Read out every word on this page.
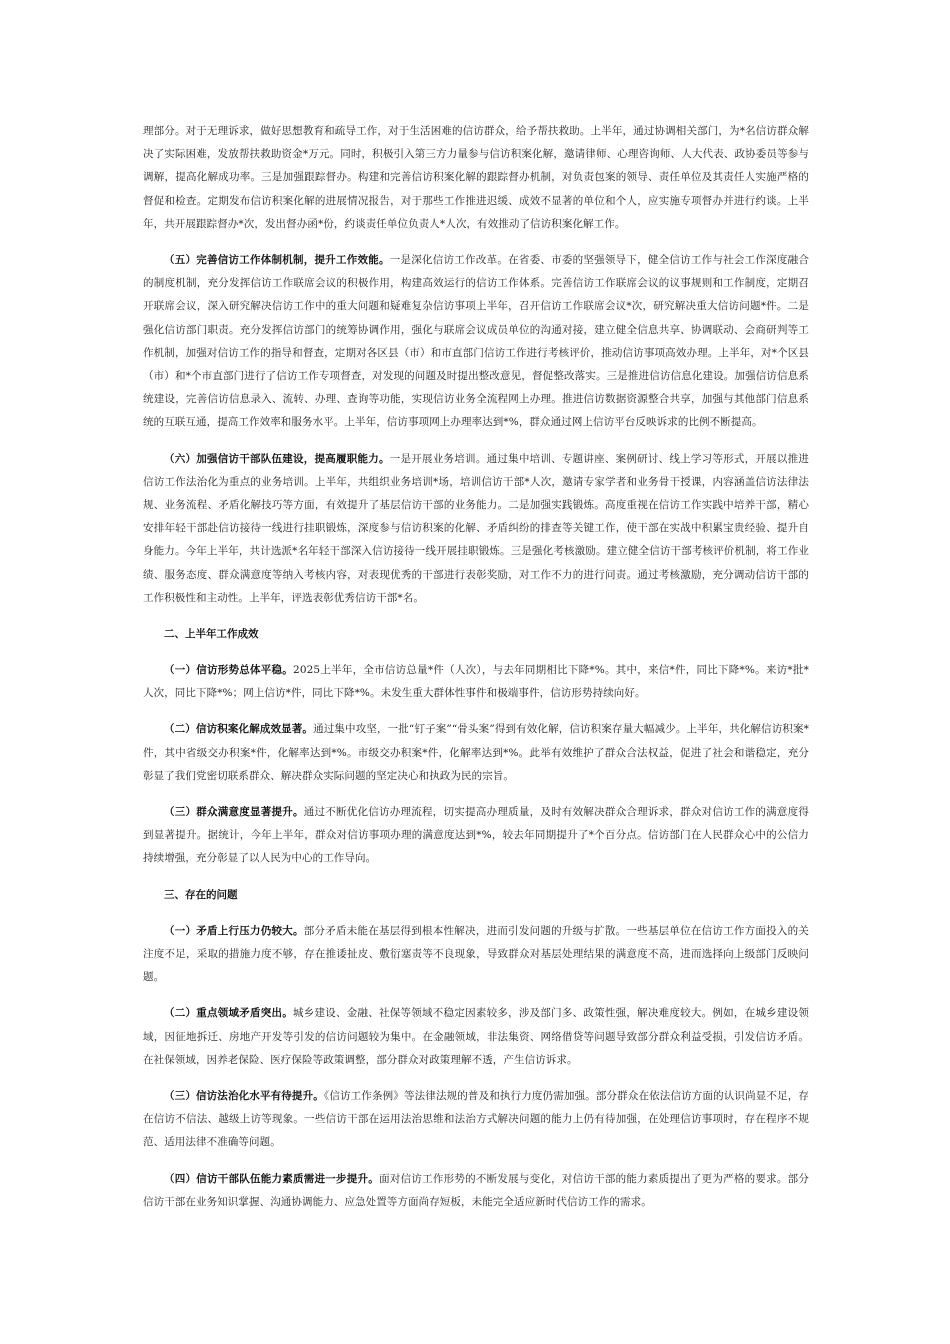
理部分。对于无理诉求，做好思想教育和疏导工作，对于生活困难的信访群众，给予帮扶救助。上半年，通过协调相关部门，为*名信访群众解决了实际困难，发放帮扶救助资金*万元。同时，积极引入第三方力量参与信访积案化解，邀请律师、心理咨询师、人大代表、政协委员等参与调解，提高化解成功率。三是加强跟踪督办。构建和完善信访积案化解的跟踪督办机制，对负责包案的领导、责任单位及其责任人实施严格的督促和检查。定期发布信访积案化解的进展情况报告，对于那些工作推进迟缓、成效不显著的单位和个人，应实施专项督办并进行约谈。上半年，共开展跟踪督办*次，发出督办函*份，约谈责任单位负责人*人次，有效推动了信访积案化解工作。

（五）完善信访工作体制机制，提升工作效能。一是深化信访工作改革。在省委、市委的坚强领导下，健全信访工作与社会工作深度融合的制度机制，充分发挥信访工作联席会议的积极作用，构建高效运行的信访工作体系。完善信访工作联席会议的议事规则和工作制度，定期召开联席会议，深入研究解决信访工作中的重大问题和疑难复杂信访事项上半年，召开信访工作联席会议*次，研究解决重大信访问题*件。二是强化信访部门职责。充分发挥信访部门的统筹协调作用，强化与联席会议成员单位的沟通对接，建立健全信息共享、协调联动、会商研判等工作机制，加强对信访工作的指导和督查，定期对各区县（市）和市直部门信访工作进行考核评价，推动信访事项高效办理。上半年，对*个区县（市）和*个市直部门进行了信访工作专项督查，对发现的问题及时提出整改意见，督促整改落实。三是推进信访信息化建设。加强信访信息系统建设，完善信访信息录入、流转、办理、查询等功能，实现信访业务全流程网上办理。推进信访数据资源整合共享，加强与其他部门信息系统的互联互通，提高工作效率和服务水平。上半年，信访事项网上办理率达到*%，群众通过网上信访平台反映诉求的比例不断提高。

（六）加强信访干部队伍建设，提高履职能力。一是开展业务培训。通过集中培训、专题讲座、案例研讨、线上学习等形式，开展以推进信访工作法治化为重点的业务培训。上半年，共组织业务培训*场，培训信访干部*人次，邀请专家学者和业务骨干授课，内容涵盖信访法律法规、业务流程、矛盾化解技巧等方面，有效提升了基层信访干部的业务能力。二是加强实践锻炼。高度重视在信访工作实践中培养干部，精心安排年轻干部赴信访接待一线进行挂职锻炼，深度参与信访积案的化解、矛盾纠纷的排查等关键工作，使干部在实战中积累宝贵经验、提升自身能力。今年上半年，共计选派*名年轻干部深入信访接待一线开展挂职锻炼。三是强化考核激励。建立健全信访干部考核评价机制，将工作业绩、服务态度、群众满意度等纳入考核内容，对表现优秀的干部进行表彰奖励，对工作不力的进行问责。通过考核激励，充分调动信访干部的工作积极性和主动性。上半年，评选表彰优秀信访干部*名。

二、上半年工作成效

（一）信访形势总体平稳。2025上半年，全市信访总量*件（人次），与去年同期相比下降*%。其中，来信*件，同比下降*%。来访*批*人次，同比下降*%；网上信访*件，同比下降*%。未发生重大群体性事件和极端事件，信访形势持续向好。

（二）信访积案化解成效显著。通过集中攻坚，一批“钉子案”“骨头案”得到有效化解，信访积案存量大幅减少。上半年，共化解信访积案*件，其中省级交办积案*件，化解率达到*%。市级交办积案*件，化解率达到*%。此举有效维护了群众合法权益，促进了社会和谐稳定，充分彰显了我们党密切联系群众、解决群众实际问题的坚定决心和执政为民的宗旨。

（三）群众满意度显著提升。通过不断优化信访办理流程，切实提高办理质量，及时有效解决群众合理诉求，群众对信访工作的满意度得到显著提升。据统计，今年上半年，群众对信访事项办理的满意度达到*%，较去年同期提升了*个百分点。信访部门在人民群众心中的公信力持续增强，充分彰显了以人民为中心的工作导向。

三、存在的问题

（一）矛盾上行压力仍较大。部分矛盾未能在基层得到根本性解决，进而引发问题的升级与扩散。一些基层单位在信访工作方面投入的关注度不足，采取的措施力度不够，存在推诿扯皮、敷衍塞责等不良现象，导致群众对基层处理结果的满意度不高，进而选择向上级部门反映问题。

（二）重点领域矛盾突出。城乡建设、金融、社保等领域不稳定因素较多，涉及部门多、政策性强，解决难度较大。例如，在城乡建设领域，因征地拆迁、房地产开发等引发的信访问题较为集中。在金融领域，非法集资、网络借贷等问题导致部分群众利益受损，引发信访矛盾。在社保领域，因养老保险、医疗保险等政策调整，部分群众对政策理解不透，产生信访诉求。

（三）信访法治化水平有待提升。《信访工作条例》等法律法规的普及和执行力度仍需加强。部分群众在依法信访方面的认识尚显不足，存在信访不信法、越级上访等现象。一些信访干部在运用法治思维和法治方式解决问题的能力上仍有待加强，在处理信访事项时，存在程序不规范、适用法律不准确等问题。

（四）信访干部队伍能力素质需进一步提升。面对信访工作形势的不断发展与变化，对信访干部的能力素质提出了更为严格的要求。部分信访干部在业务知识掌握、沟通协调能力、应急处置等方面尚存短板，未能完全适应新时代信访工作的需求。
